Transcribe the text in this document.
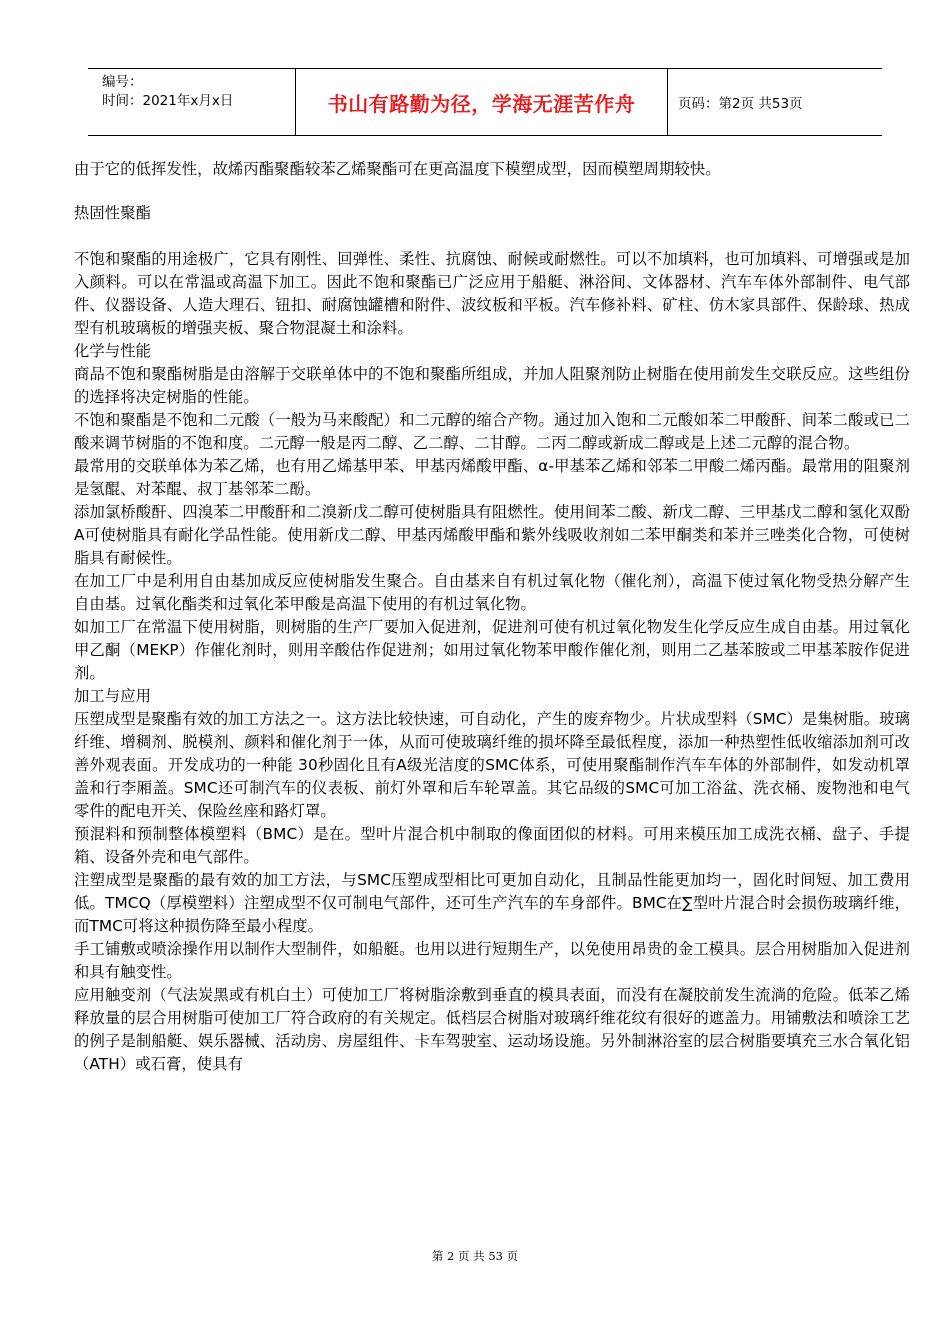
编号：
时间：2021年x月x日	书山有路勤为径，学海无涯苦作舟	页码：第2页 共53页

由于它的低挥发性，故烯丙酯聚酯较苯乙烯聚酯可在更高温度下模塑成型，因而模塑周期较快。

热固性聚酯

不饱和聚酯的用途极广，它具有刚性、回弹性、柔性、抗腐蚀、耐候或耐燃性。可以不加填料，也可加填料、可增强或是加入颜料。可以在常温或高温下加工。因此不饱和聚酯已广泛应用于船艇、淋浴间、文体器材、汽车车体外部制件、电气部件、仪器设备、人造大理石、钮扣、耐腐蚀罐槽和附件、波纹板和平板。汽车修补料、矿柱、仿木家具部件、保龄球、热成型有机玻璃板的增强夹板、聚合物混凝土和涂料。

化学与性能

商品不饱和聚酯树脂是由溶解于交联单体中的不饱和聚酯所组成，并加人阻聚剂防止树脂在使用前发生交联反应。这些组份的选择将决定树脂的性能。

不饱和聚酯是不饱和二元酸（一般为马来酸配）和二元醇的缩合产物。通过加入饱和二元酸如苯二甲酸酐、间苯二酸或已二酸来调节树脂的不饱和度。二元醇一般是丙二醇、乙二醇、二甘醇。二丙二醇或新成二醇或是上述二元醇的混合物。

最常用的交联单体为苯乙烯，也有用乙烯基甲苯、甲基丙烯酸甲酯、α-甲基苯乙烯和邻苯二甲酸二烯丙酯。最常用的阻聚剂是氢醌、对苯醌、叔丁基邻苯二酚。

添加氯桥酸酐、四溴苯二甲酸酐和二溴新戊二醇可使树脂具有阻燃性。使用间苯二酸、新戊二醇、三甲基戊二醇和氢化双酚 A可使树脂具有耐化学品性能。使用新戊二醇、甲基丙烯酸甲酯和紫外线吸收剂如二苯甲酮类和苯并三唑类化合物，可使树脂具有耐候性。

在加工厂中是利用自由基加成反应使树脂发生聚合。自由基来自有机过氧化物（催化剂），高温下使过氧化物受热分解产生自由基。过氧化酯类和过氧化苯甲酸是高温下使用的有机过氧化物。

如加工厂在常温下使用树脂，则树脂的生产厂要加入促进剂，促进剂可使有机过氧化物发生化学反应生成自由基。用过氧化甲乙酮（MEKP）作催化剂时，则用辛酸估作促进剂；如用过氧化物苯甲酸作催化剂，则用二乙基苯胺或二甲基苯胺作促进剂。

加工与应用

压塑成型是聚酯有效的加工方法之一。这方法比较快速，可自动化，产生的废弃物少。片状成型料（SMC）是集树脂。玻璃纤维、增稠剂、脱模剂、颜料和催化剂于一体，从而可使玻璃纤维的损坏降至最低程度，添加一种热塑性低收缩添加剂可改善外观表面。开发成功的一种能 30秒固化且有A级光洁度的SMC体系，可使用聚酯制作汽车车体的外部制件，如发动机罩盖和行李厢盖。SMC还可制汽车的仪表板、前灯外罩和后车轮罩盖。其它品级的SMC可加工浴盆、洗衣桶、废物池和电气零件的配电开关、保险丝座和路灯罩。

预混料和预制整体模塑料（BMC）是在。型叶片混合机中制取的像面团似的材料。可用来模压加工成洗衣桶、盘子、手提箱、设备外壳和电气部件。

注塑成型是聚酯的最有效的加工方法，与SMC压塑成型相比可更加自动化，且制品性能更加均一，固化时间短、加工费用低。TMCQ（厚模塑料）注塑成型不仅可制电气部件，还可生产汽车的车身部件。BMC在∑型叶片混合时会损伤玻璃纤维，而TMC可将这种损伤降至最小程度。

手工铺敷或喷涂操作用以制作大型制件，如船艇。也用以进行短期生产，以免使用昂贵的金工模具。层合用树脂加入促进剂和具有触变性。

应用触变剂（气法炭黑或有机白土）可使加工厂将树脂涂敷到垂直的模具表面，而没有在凝胶前发生流淌的危险。低苯乙烯释放量的层合用树脂可使加工厂符合政府的有关规定。低档层合树脂对玻璃纤维花纹有很好的遮盖力。用铺敷法和喷涂工艺的例子是制船艇、娱乐器械、活动房、房屋组件、卡车驾驶室、运动场设施。另外制淋浴室的层合树脂要填充三水合氧化铝（ATH）或石膏，使具有

第 2 页 共 53 页
